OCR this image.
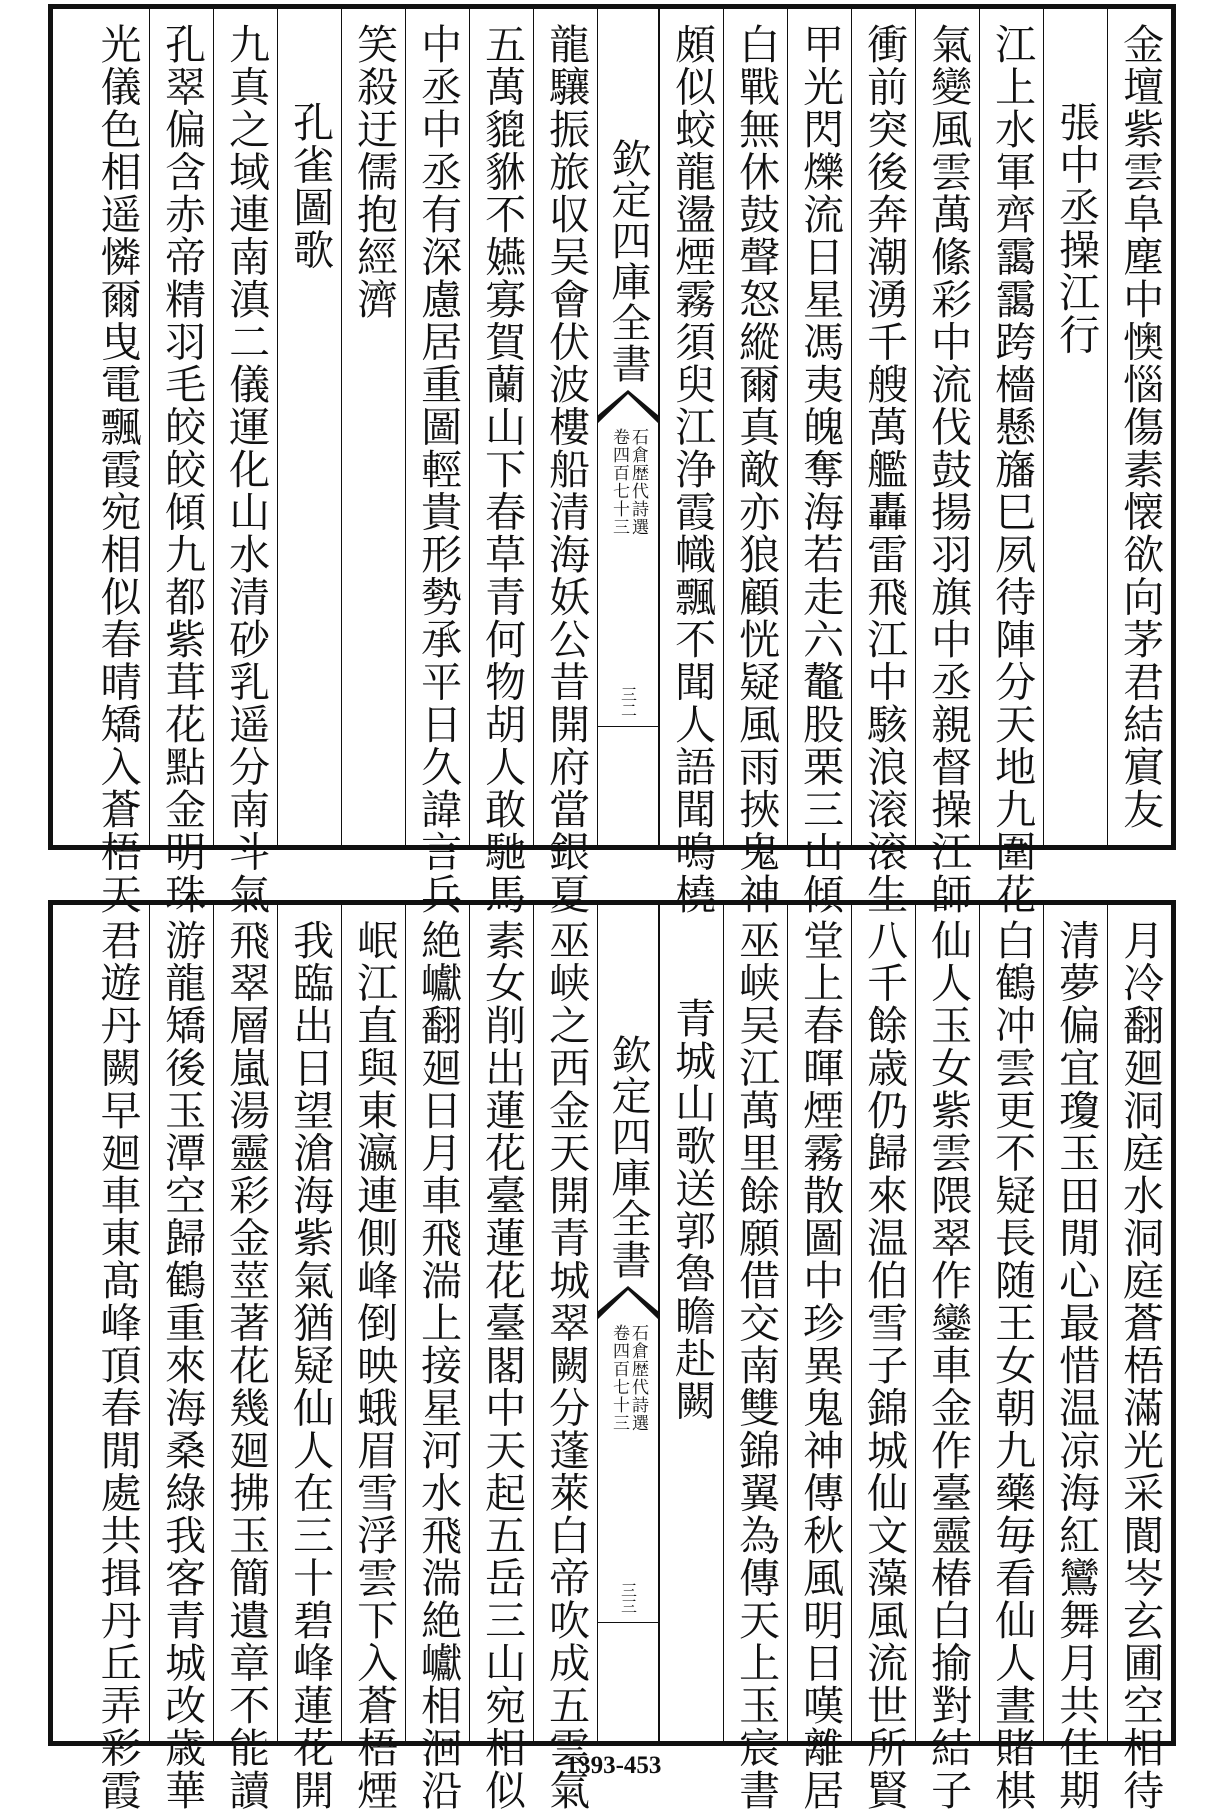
金壇紫雲阜塵中懊惱傷素懐欲向茅君結賔友
張中丞操江行
江上水軍齊靄靄跨檣懸旛巳夙待陣分天地九圍花
氣變風雲萬絛彩中流伐鼓揚羽旗中丞親督操江師
衝前突後奔潮湧千艘萬艦轟雷飛江中駭浪滚滚生
甲光閃爍流日星馮夷魄奪海若走六鼇股栗三山傾
白戰無休鼓聲怒縱爾真敵亦狼顧恍疑風雨挾鬼神
頗似蛟龍盪煙霧須臾江浄霞幟飄不聞人語聞鳴橈
欽定四庫全書
石倉歴代詩選
卷四百七十三
三二
龍驤振旅収吴會伏波樓船清海妖公昔開府當銀夏
五萬貔貅不嬿寡賀蘭山下春草青何物胡人敢馳馬
中丞中丞有深慮居重圖輕貴形勢承平日久諱言兵
笑殺迂儒抱經濟
孔雀圖歌
九真之域連南滇二儀運化山水清砂乳遥分南斗氣
孔翠偏含赤帝精羽毛皎皎傾九都紫茸花點金明珠
光儀色相遥憐爾曳電飄霞宛相似春晴矯入蒼梧天
月冷翻廻洞庭水洞庭蒼梧滿光采閬岑玄圃空相待
清夢偏宜瓊玉田閒心最惜温凉海紅鸞舞月共佳期
白鶴冲雲更不疑長随王女朝九藥毎看仙人晝賭棋
仙人玉女紫雲隈翠作鑾車金作臺靈椿白揄對結子
八千餘歳仍歸來温伯雪子錦城仙文藻風流世所賢
堂上春暉煙霧散圖中珍異鬼神傳秋風明日嘆離居
巫峡吴江萬里餘願借交南雙錦翼為傳天上玉宸書
青城山歌送郭魯瞻赴闕
欽定四庫全書
石倉歴代詩選
卷四百七十三
三三
巫峡之西金天開青城翠闕分蓬萊白帝吹成五雲氣
素女削出蓮花臺蓮花臺閣中天起五岳三山宛相似
絶巘翻廻日月車飛湍上接星河水飛湍絶巘相洄沿
岷江直與東瀛連側峰倒映蛾眉雪浮雲下入蒼梧煙
我臨出日望滄海紫氣猶疑仙人在三十碧峰蓮花開
飛翠層嵐湯靈彩金莖著花幾廻拂玉簡遺章不能讀
游龍矯後玉潭空歸鶴重來海桑綠我客青城改歳華
君遊丹闕早廻車東髙峰頂春閒處共揖丹丘弄彩霞	1393-453
